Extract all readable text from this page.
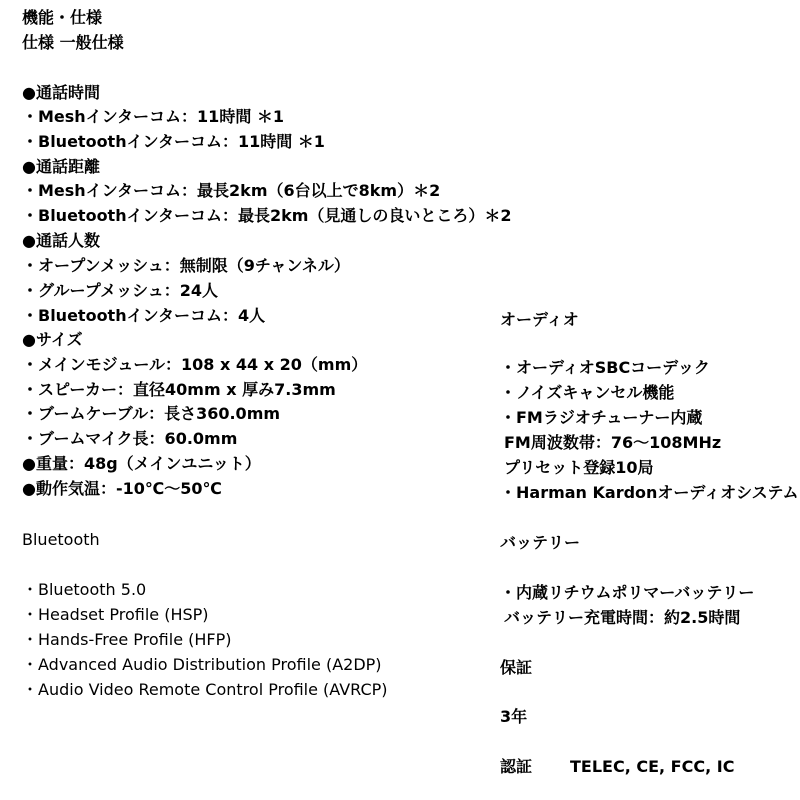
機能・仕様
仕様 一般仕様
●通話時間
・Meshインターコム：11時間 ＊1
・Bluetoothインターコム：11時間 ＊1
●通話距離
・Meshインターコム：最長2km（6台以上で8km）＊2
・Bluetoothインターコム：最長2km（見通しの良いところ）＊2
●通話人数
・オープンメッシュ：無制限（9チャンネル）
・グループメッシュ：24人
・Bluetoothインターコム：4人
●サイズ
・メインモジュール：108 x 44 x 20（mm）
・スピーカー：直径40mm x 厚み7.3mm
・ブームケーブル：長さ360.0mm
・ブームマイク長：60.0mm
●重量：48g（メインユニット）
●動作気温：-10℃～50℃
Bluetooth
・Bluetooth 5.0
・Headset Profile (HSP)
・Hands-Free Profile (HFP)
・Advanced Audio Distribution Profile (A2DP)
・Audio Video Remote Control Profile (AVRCP)
オーディオ
・オーディオSBCコーデック
・ノイズキャンセル機能
・FMラジオチューナー内蔵
FM周波数帯：76～108MHz
プリセット登録10局
・Harman Kardonオーディオシステム
バッテリー
・内蔵リチウムポリマーバッテリー
バッテリー充電時間：約2.5時間
保証
3年
認証 TELEC, CE, FCC, IC
